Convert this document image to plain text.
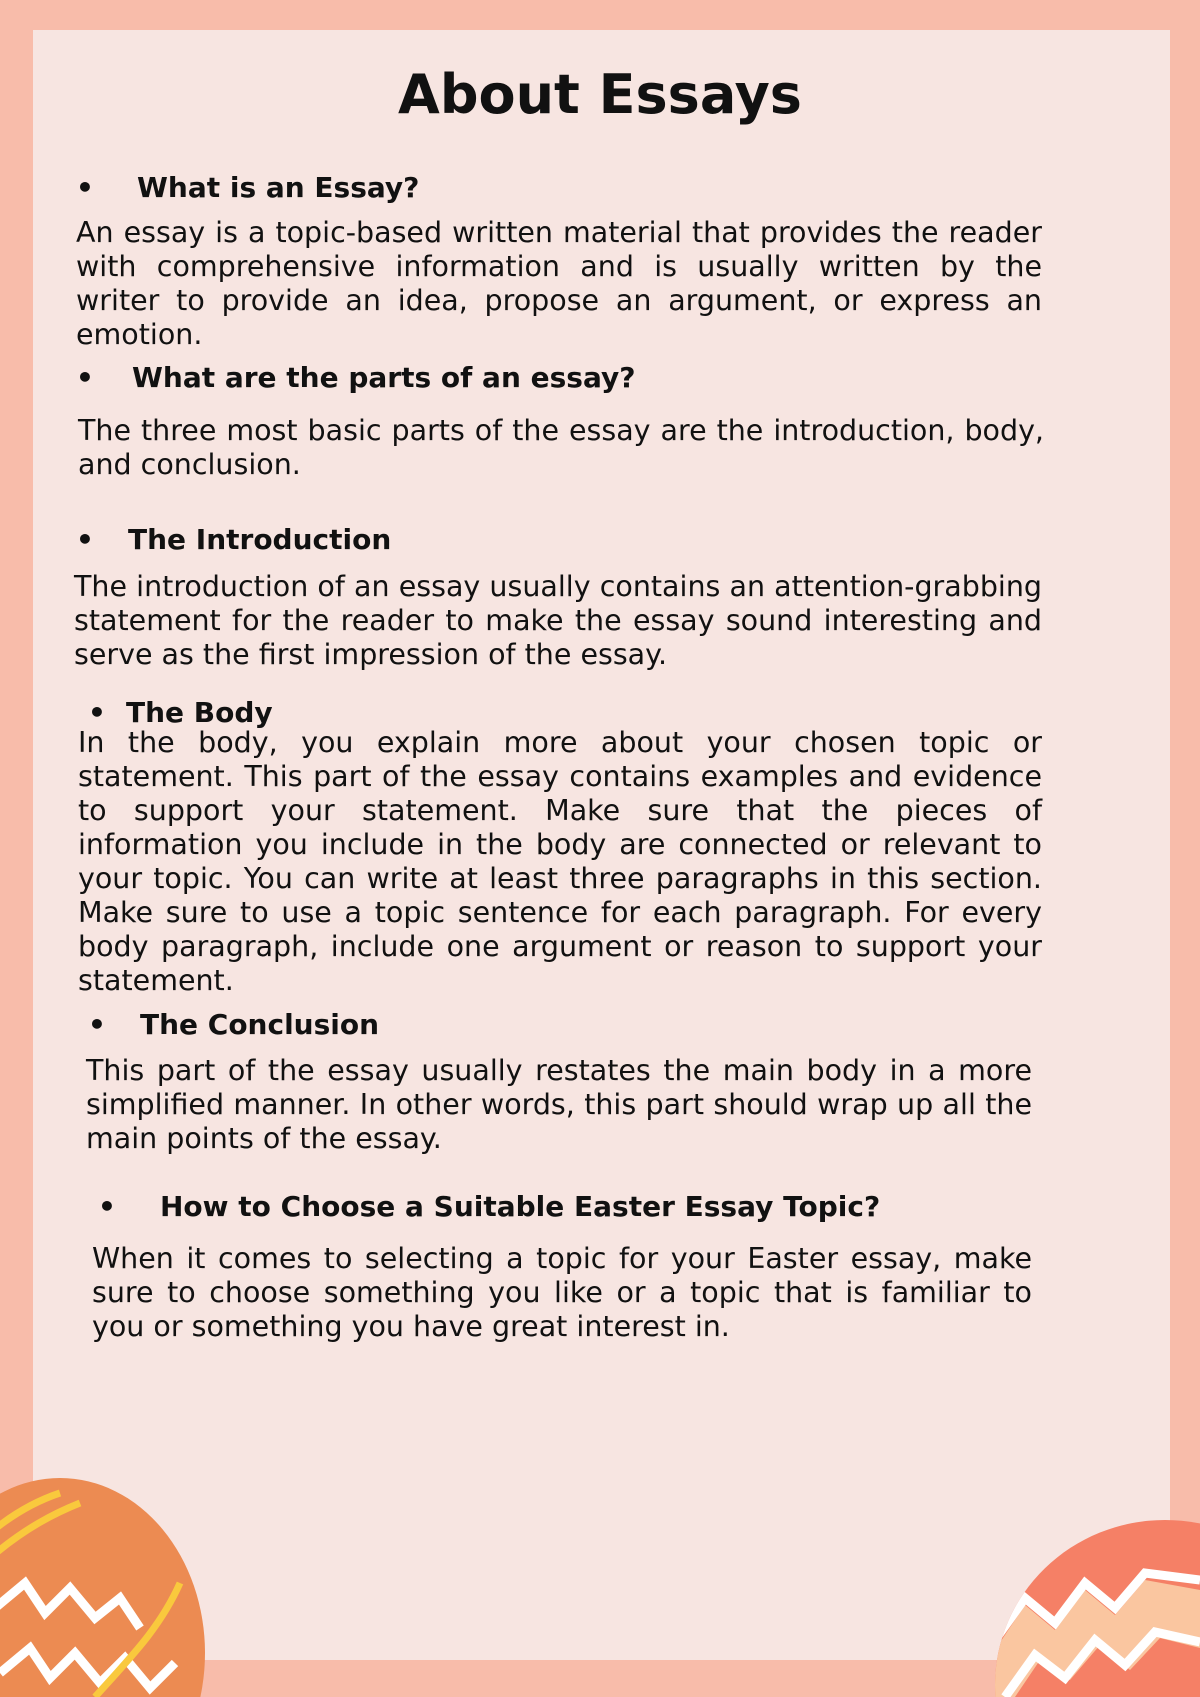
About Essays
• What is an Essay?

An essay is a topic-based written material that provides the reader with comprehensive information and is usually written by the writer to provide an idea, propose an argument, or express an emotion.

• What are the parts of an essay?

The three most basic parts of the essay are the introduction, body, and conclusion.

• The Introduction

The introduction of an essay usually contains an attention-grabbing statement for the reader to make the essay sound interesting and serve as the first impression of the essay.

• The Body

In the body, you explain more about your chosen topic or statement. This part of the essay contains examples and evidence to support your statement. Make sure that the pieces of information you include in the body are connected or relevant to your topic. You can write at least three paragraphs in this section. Make sure to use a topic sentence for each paragraph. For every body paragraph, include one argument or reason to support your statement.

• The Conclusion

This part of the essay usually restates the main body in a more simplified manner. In other words, this part should wrap up all the main points of the essay.

• How to Choose a Suitable Easter Essay Topic?

When it comes to selecting a topic for your Easter essay, make sure to choose something you like or a topic that is familiar to you or something you have great interest in.
